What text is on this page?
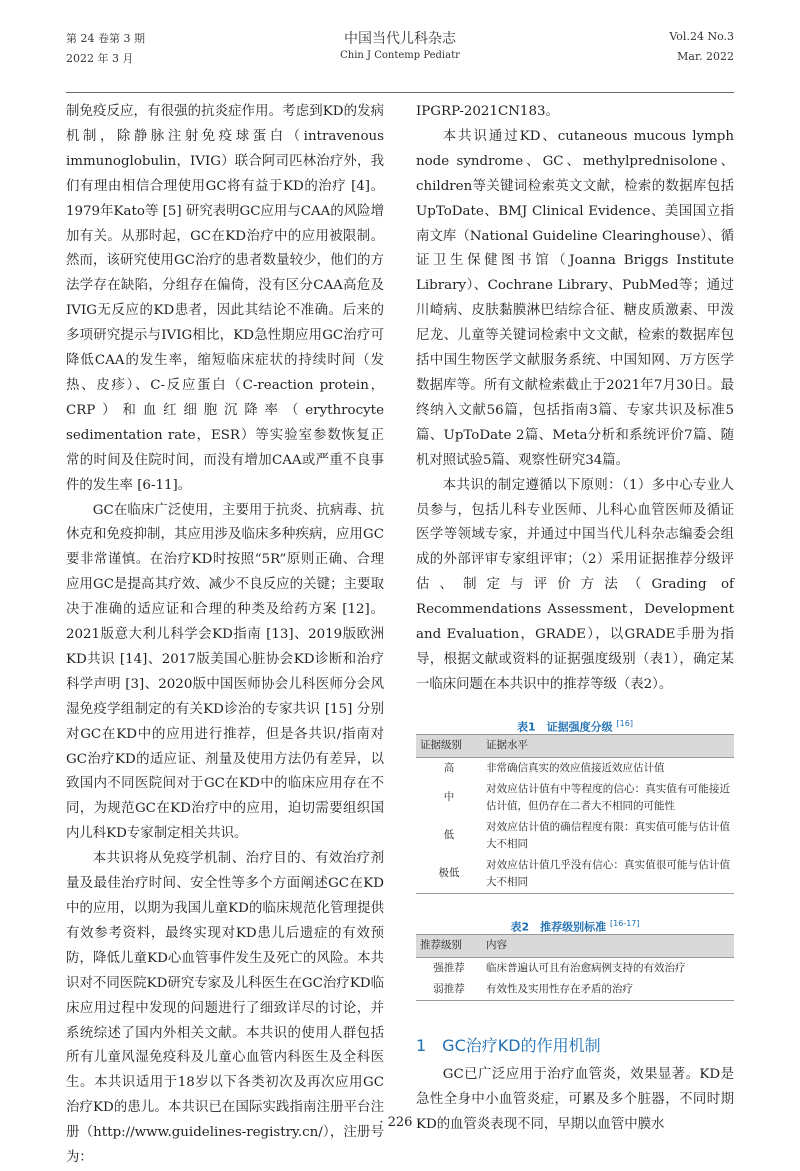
第 24 卷第 3 期
2022 年 3 月
中国当代儿科杂志
Chin J Contemp Pediatr
Vol.24 No.3
Mar. 2022

制免疫反应，有很强的抗炎症作用。考虑到KD的发病机制，除静脉注射免疫球蛋白（intravenous immunoglobulin，IVIG）联合阿司匹林治疗外，我们有理由相信合理使用GC将有益于KD的治疗 [4]。1979年Kato等 [5] 研究表明GC应用与CAA的风险增加有关。从那时起，GC在KD治疗中的应用被限制。然而，该研究使用GC治疗的患者数量较少，他们的方法学存在缺陷，分组存在偏倚，没有区分CAA高危及IVIG无反应的KD患者，因此其结论不准确。后来的多项研究提示与IVIG相比，KD急性期应用GC治疗可降低CAA的发生率，缩短临床症状的持续时间（发热、皮疹）、C-反应蛋白（C-reaction protein，CRP）和血红细胞沉降率（erythrocyte sedimentation rate，ESR）等实验室参数恢复正常的时间及住院时间，而没有增加CAA或严重不良事件的发生率 [6-11]。

GC在临床广泛使用，主要用于抗炎、抗病毒、抗休克和免疫抑制，其应用涉及临床多种疾病，应用GC要非常谨慎。在治疗KD时按照“5R”原则正确、合理应用GC是提高其疗效、减少不良反应的关键；主要取决于准确的适应证和合理的种类及给药方案 [12]。2021版意大利儿科学会KD指南 [13]、2019版欧洲KD共识 [14]、2017版美国心脏协会KD诊断和治疗科学声明 [3]、2020版中国医师协会儿科医师分会风湿免疫学组制定的有关KD诊治的专家共识 [15] 分别对GC在KD中的应用进行推荐，但是各共识/指南对GC治疗KD的适应证、剂量及使用方法仍有差异，以致国内不同医院间对于GC在KD中的临床应用存在不同，为规范GC在KD治疗中的应用，迫切需要组织国内儿科KD专家制定相关共识。

本共识将从免疫学机制、治疗目的、有效治疗剂量及最佳治疗时间、安全性等多个方面阐述GC在KD中的应用，以期为我国儿童KD的临床规范化管理提供有效参考资料，最终实现对KD患儿后遗症的有效预防，降低儿童KD心血管事件发生及死亡的风险。本共识对不同医院KD研究专家及儿科医生在GC治疗KD临床应用过程中发现的问题进行了细致详尽的讨论，并系统综述了国内外相关文献。本共识的使用人群包括所有儿童风湿免疫科及儿童心血管内科医生及全科医生。本共识适用于18岁以下各类初次及再次应用GC治疗KD的患儿。本共识已在国际实践指南注册平台注册（http://www.guidelines-registry.cn/），注册号为：

IPGRP-2021CN183。

本共识通过KD、cutaneous mucous lymph node syndrome、GC、methylprednisolone、children等关键词检索英文文献，检索的数据库包括UpToDate、BMJ Clinical Evidence、美国国立指南文库（National Guideline Clearinghouse）、循证卫生保健图书馆（Joanna Briggs Institute Library）、Cochrane Library、PubMed等；通过川崎病、皮肤黏膜淋巴结综合征、糖皮质激素、甲泼尼龙、儿童等关键词检索中文文献，检索的数据库包括中国生物医学文献服务系统、中国知网、万方医学数据库等。所有文献检索截止于2021年7月30日。最终纳入文献56篇，包括指南3篇、专家共识及标准5篇、UpToDate 2篇、Meta分析和系统评价7篇、随机对照试验5篇、观察性研究34篇。

本共识的制定遵循以下原则：（1）多中心专业人员参与，包括儿科专业医师、儿科心血管医师及循证医学等领域专家，并通过中国当代儿科杂志编委会组成的外部评审专家组评审；（2）采用证据推荐分级评估、制定与评价方法（Grading of Recommendations Assessment，Development and Evaluation，GRADE），以GRADE手册为指导，根据文献或资料的证据强度级别（表1），确定某一临床问题在本共识中的推荐等级（表2）。

表1　证据强度分级 [16]
证据级别	证据水平
高	非常确信真实的效应值接近效应估计值
中	对效应估计值有中等程度的信心：真实值有可能接近估计值，但仍存在二者大不相同的可能性
低	对效应估计值的确信程度有限：真实值可能与估计值大不相同
极低	对效应估计值几乎没有信心：真实值很可能与估计值大不相同
表2　推荐级别标准 [16-17]
推荐级别	内容
强推荐	临床普遍认可且有治愈病例支持的有效治疗
弱推荐	有效性及实用性存在矛盾的治疗
1　GC治疗KD的作用机制

GC已广泛应用于治疗血管炎，效果显著。KD是急性全身中小血管炎症，可累及多个脏器，不同时期KD的血管炎表现不同，早期以血管中膜水

· 226 ·
